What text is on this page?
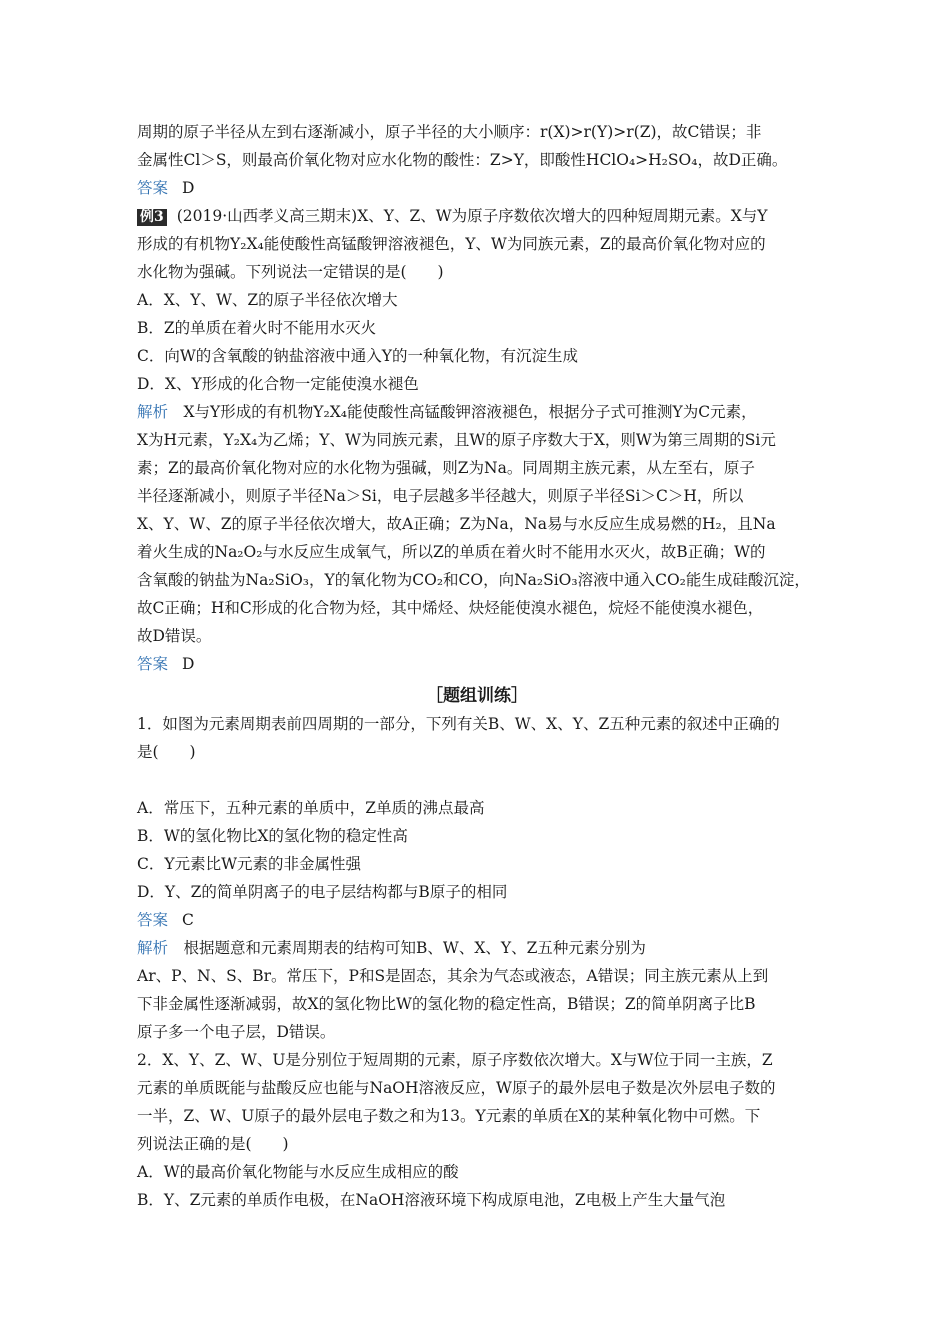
周期的原子半径从左到右逐渐减小，原子半径的大小顺序：r(X)>r(Y)>r(Z)，故C错误；非

金属性Cl＞S，则最高价氧化物对应水化物的酸性：Z>Y，即酸性HClO₄>H₂SO₄，故D正确。

答案 D

例3 (2019·山西孝义高三期末)X、Y、Z、W为原子序数依次增大的四种短周期元素。X与Y

形成的有机物Y₂X₄能使酸性高锰酸钾溶液褪色，Y、W为同族元素，Z的最高价氧化物对应的

水化物为强碱。下列说法一定错误的是(　　)

A．X、Y、W、Z的原子半径依次增大

B．Z的单质在着火时不能用水灭火

C．向W的含氧酸的钠盐溶液中通入Y的一种氧化物，有沉淀生成

D．X、Y形成的化合物一定能使溴水褪色

解析　X与Y形成的有机物Y₂X₄能使酸性高锰酸钾溶液褪色，根据分子式可推测Y为C元素，

X为H元素，Y₂X₄为乙烯；Y、W为同族元素，且W的原子序数大于X，则W为第三周期的Si元

素；Z的最高价氧化物对应的水化物为强碱，则Z为Na。同周期主族元素，从左至右，原子

半径逐渐减小，则原子半径Na＞Si，电子层越多半径越大，则原子半径Si＞C＞H，所以

X、Y、W、Z的原子半径依次增大，故A正确；Z为Na，Na易与水反应生成易燃的H₂，且Na

着火生成的Na₂O₂与水反应生成氧气，所以Z的单质在着火时不能用水灭火，故B正确；W的

含氧酸的钠盐为Na₂SiO₃，Y的氧化物为CO₂和CO，向Na₂SiO₃溶液中通入CO₂能生成硅酸沉淀，

故C正确；H和C形成的化合物为烃，其中烯烃、炔烃能使溴水褪色，烷烃不能使溴水褪色，

故D错误。

答案 D

［题组训练］

1．如图为元素周期表前四周期的一部分，下列有关B、W、X、Y、Z五种元素的叙述中正确的

是(　　)

A．常压下，五种元素的单质中，Z单质的沸点最高

B．W的氢化物比X的氢化物的稳定性高

C．Y元素比W元素的非金属性强

D．Y、Z的简单阴离子的电子层结构都与B原子的相同

答案 C

解析　根据题意和元素周期表的结构可知B、W、X、Y、Z五种元素分别为

Ar、P、N、S、Br。常压下，P和S是固态，其余为气态或液态，A错误；同主族元素从上到

下非金属性逐渐减弱，故X的氢化物比W的氢化物的稳定性高，B错误；Z的简单阴离子比B

原子多一个电子层，D错误。

2．X、Y、Z、W、U是分别位于短周期的元素，原子序数依次增大。X与W位于同一主族，Z

元素的单质既能与盐酸反应也能与NaOH溶液反应，W原子的最外层电子数是次外层电子数的

一半，Z、W、U原子的最外层电子数之和为13。Y元素的单质在X的某种氧化物中可燃。下

列说法正确的是(　　)

A．W的最高价氧化物能与水反应生成相应的酸

B．Y、Z元素的单质作电极，在NaOH溶液环境下构成原电池，Z电极上产生大量气泡
